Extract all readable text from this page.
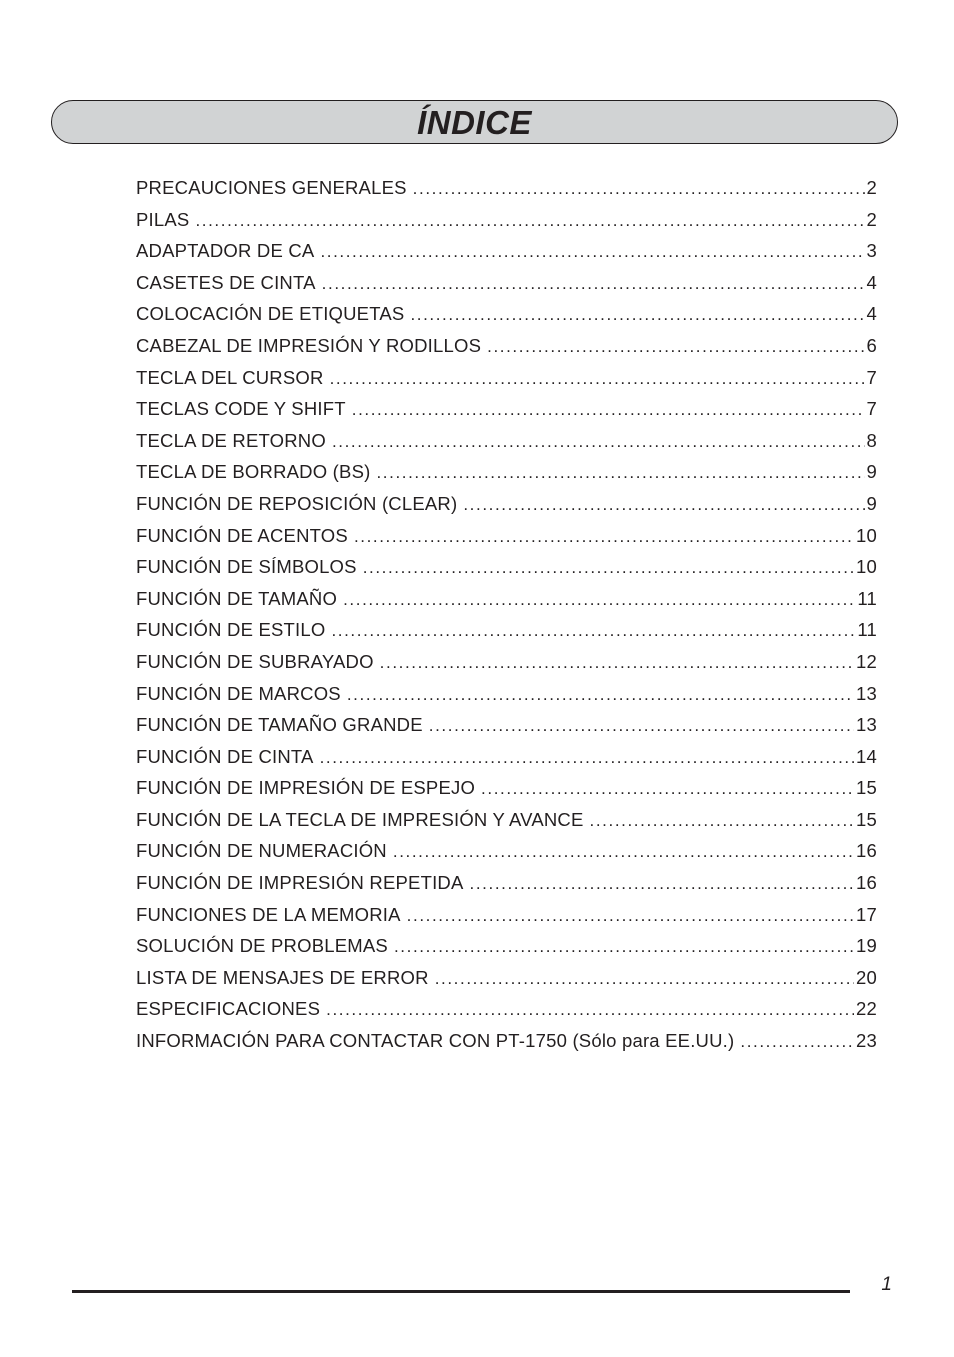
ÍNDICE
PRECAUCIONES GENERALES .....	2
PILAS .....	2
ADAPTADOR DE CA .....	3
CASETES DE CINTA .....	4
COLOCACIÓN DE ETIQUETAS .....	4
CABEZAL DE IMPRESIÓN Y RODILLOS .....	6
TECLA DEL CURSOR .....	7
TECLAS CODE Y SHIFT .....	7
TECLA DE RETORNO .....	8
TECLA DE BORRADO (BS) .....	9
FUNCIÓN DE REPOSICIÓN (CLEAR) .....	9
FUNCIÓN DE ACENTOS .....	10
FUNCIÓN DE SÍMBOLOS .....	10
FUNCIÓN DE TAMAÑO .....	11
FUNCIÓN DE ESTILO .....	11
FUNCIÓN DE SUBRAYADO .....	12
FUNCIÓN DE MARCOS .....	13
FUNCIÓN DE TAMAÑO GRANDE .....	13
FUNCIÓN DE CINTA .....	14
FUNCIÓN DE IMPRESIÓN DE ESPEJO .....	15
FUNCIÓN DE LA TECLA DE IMPRESIÓN Y AVANCE .....	15
FUNCIÓN DE NUMERACIÓN .....	16
FUNCIÓN DE IMPRESIÓN REPETIDA .....	16
FUNCIONES DE LA MEMORIA .....	17
SOLUCIÓN DE PROBLEMAS .....	19
LISTA DE MENSAJES DE ERROR .....	20
ESPECIFICACIONES .....	22
INFORMACIÓN PARA CONTACTAR CON PT-1750 (Sólo para EE.UU.) .....	23
1
